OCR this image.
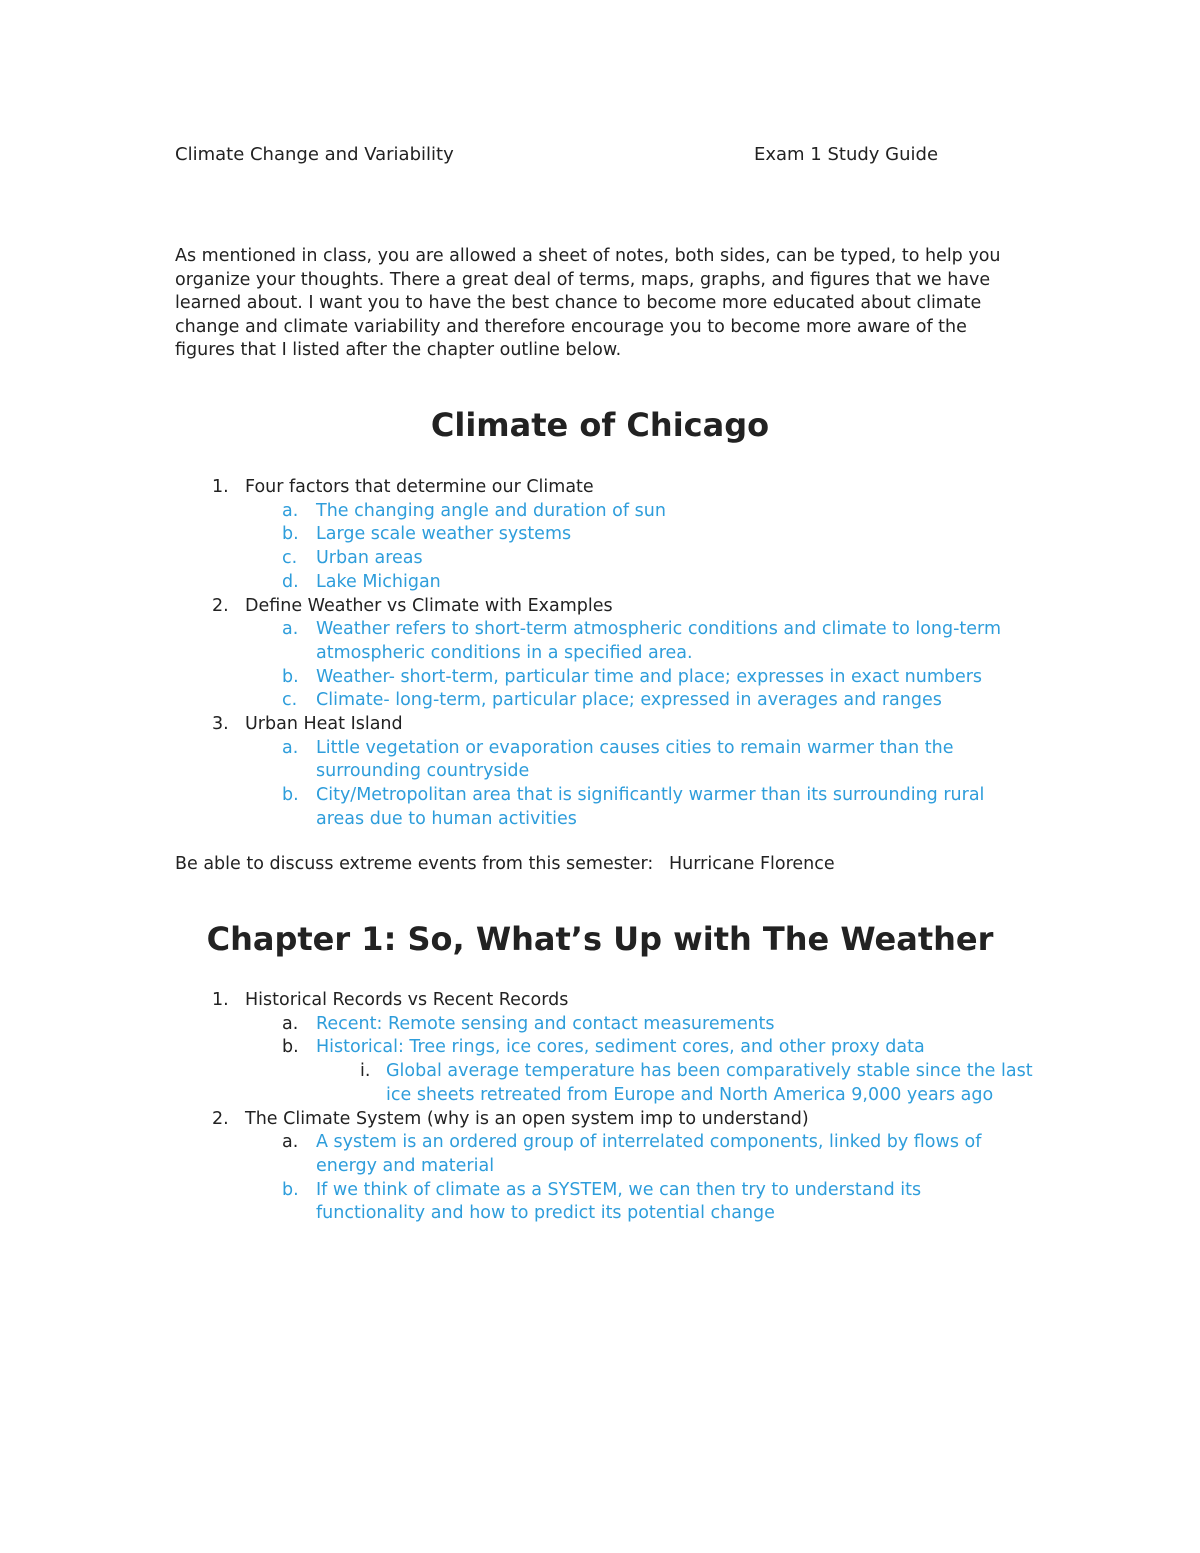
Climate Change and Variability	Exam 1 Study Guide
As mentioned in class, you are allowed a sheet of notes, both sides, can be typed, to help you organize your thoughts. There a great deal of terms, maps, graphs, and figures that we have learned about. I want you to have the best chance to become more educated about climate change and climate variability and therefore encourage you to become more aware of the figures that I listed after the chapter outline below.
Climate of Chicago
1. Four factors that determine our Climate
a. The changing angle and duration of sun
b. Large scale weather systems
c. Urban areas
d. Lake Michigan
2. Define Weather vs Climate with Examples
a. Weather refers to short-term atmospheric conditions and climate to long-term atmospheric conditions in a specified area.
b. Weather- short-term, particular time and place; expresses in exact numbers
c. Climate- long-term, particular place; expressed in averages and ranges
3. Urban Heat Island
a. Little vegetation or evaporation causes cities to remain warmer than the surrounding countryside
b. City/Metropolitan area that is significantly warmer than its surrounding rural areas due to human activities
Be able to discuss extreme events from this semester: Hurricane Florence
Chapter 1: So, What’s Up with The Weather
1. Historical Records vs Recent Records
a. Recent: Remote sensing and contact measurements
b. Historical: Tree rings, ice cores, sediment cores, and other proxy data
i. Global average temperature has been comparatively stable since the last ice sheets retreated from Europe and North America 9,000 years ago
2. The Climate System (why is an open system imp to understand)
a. A system is an ordered group of interrelated components, linked by flows of energy and material
b. If we think of climate as a SYSTEM, we can then try to understand its functionality and how to predict its potential change
